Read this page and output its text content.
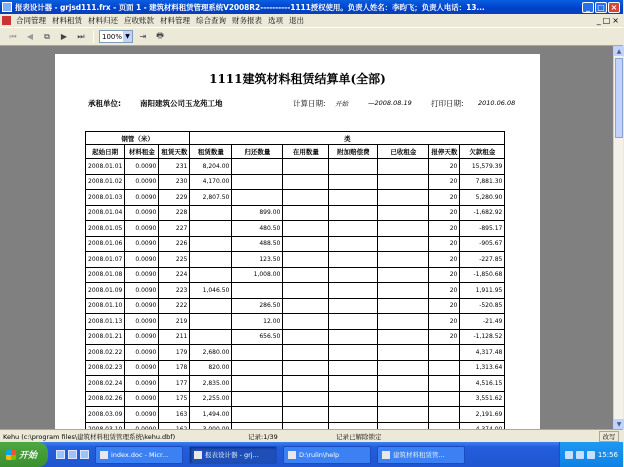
报表设计器 - grjsd111.frx - 页面 1 - 建筑材料租赁管理系统V2008R2----------1111授权使用。负责人姓名：李昀飞；负责人电话：13...	_ □ ×
合同管理 材料租赁 材料归还 应收账款 材料管理 综合查询 财务报表 选项 退出	_ □ ×
⏮	◀	⧉	▶	⏭	100% ▼	⇥	🖶
1111建筑材料租赁结算单(全部)
承租单位:	南阳建筑公司玉龙苑工地	计算日期: 开始	—2008.08.19	打印日期: 2010.06.08
钢管（米）			类						
起始日期	材料租金	租赁天数	租赁数量	归还数量	在用数量	附加赔偿费	已收租金	报停天数	欠款租金
2008.01.01	0.0090	231	8,204.00					20	15,579.39
2008.01.02	0.0090	230	4,170.00					20	7,881.30
2008.01.03	0.0090	229	2,807.50					20	5,280.90
2008.01.04	0.0090	228		899.00				20	-1,682.92
2008.01.05	0.0090	227		480.50				20	-895.17
2008.01.06	0.0090	226		488.50				20	-905.67
2008.01.07	0.0090	225		123.50				20	-227.85
2008.01.08	0.0090	224		1,008.00				20	-1,850.68
2008.01.09	0.0090	223	1,046.50					20	1,911.95
2008.01.10	0.0090	222		286.50				20	-520.85
2008.01.13	0.0090	219		12.00				20	-21.49
2008.01.21	0.0090	211		656.50				20	-1,128.52
2008.02.22	0.0090	179	2,680.00						4,317.48
2008.02.23	0.0090	178	820.00						1,313.64
2008.02.24	0.0090	177	2,835.00						4,516.15
2008.02.26	0.0090	175	2,255.00						3,551.62
2008.03.09	0.0090	163	1,494.00						2,191.69

▲
▼
Kehu (c:\program files\建筑材料租赁管理系统\kehu.dbf)	记录:1/39	记录已解除锁定	改写
开始	index.doc - Micr...	报表设计器 - grj...	D:\rulin\help	建筑材料租赁管...	15:56
